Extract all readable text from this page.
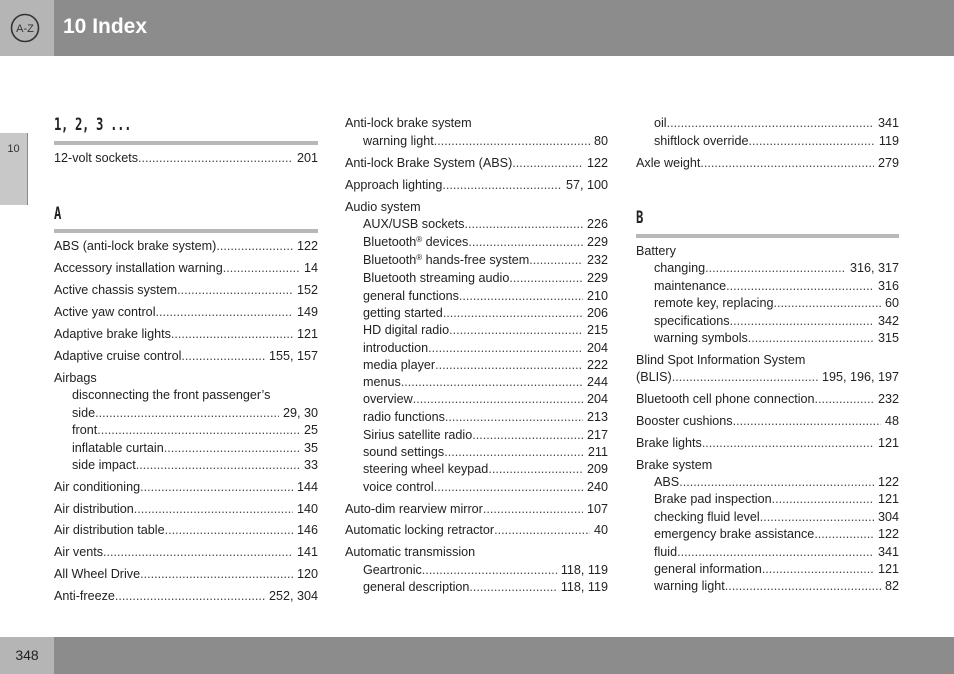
A-Z 10 Index
10
348
1, 2, 3 ...
12-volt sockets .....	201
A
ABS (anti-lock brake system) .....	122
Accessory installation warning .....	14
Active chassis system .....	152
Active yaw control .....	149
Adaptive brake lights .....	121
Adaptive cruise control .....	155, 157
Airbags
disconnecting the front passenger’s
side .....	29, 30
front .....	25
inflatable curtain .....	35
side impact .....	33
Air conditioning .....	144
Air distribution .....	140
Air distribution table .....	146
Air vents .....	141
All Wheel Drive .....	120
Anti-freeze .....	252, 304
Anti-lock brake system
warning light .....	80
Anti-lock Brake System (ABS) .....	122
Approach lighting .....	57, 100
Audio system
AUX/USB sockets .....	226
Bluetooth® devices .....	229
Bluetooth® hands-free system .....	232
Bluetooth streaming audio .....	229
general functions .....	210
getting started .....	206
HD digital radio .....	215
introduction .....	204
media player .....	222
menus .....	244
overview .....	204
radio functions .....	213
Sirius satellite radio .....	217
sound settings .....	211
steering wheel keypad .....	209
voice control .....	240
Auto-dim rearview mirror .....	107
Automatic locking retractor .....	40
Automatic transmission
Geartronic .....	118, 119
general description .....	118, 119
oil .....	341
shiftlock override .....	119
Axle weight .....	279
B
Battery
changing .....	316, 317
maintenance .....	316
remote key, replacing .....	60
specifications .....	342
warning symbols .....	315
Blind Spot Information System
(BLIS) .....	195, 196, 197
Bluetooth cell phone connection .....	232
Booster cushions .....	48
Brake lights .....	121
Brake system
ABS .....	122
Brake pad inspection .....	121
checking fluid level .....	304
emergency brake assistance .....	122
fluid .....	341
general information .....	121
warning light .....	82
